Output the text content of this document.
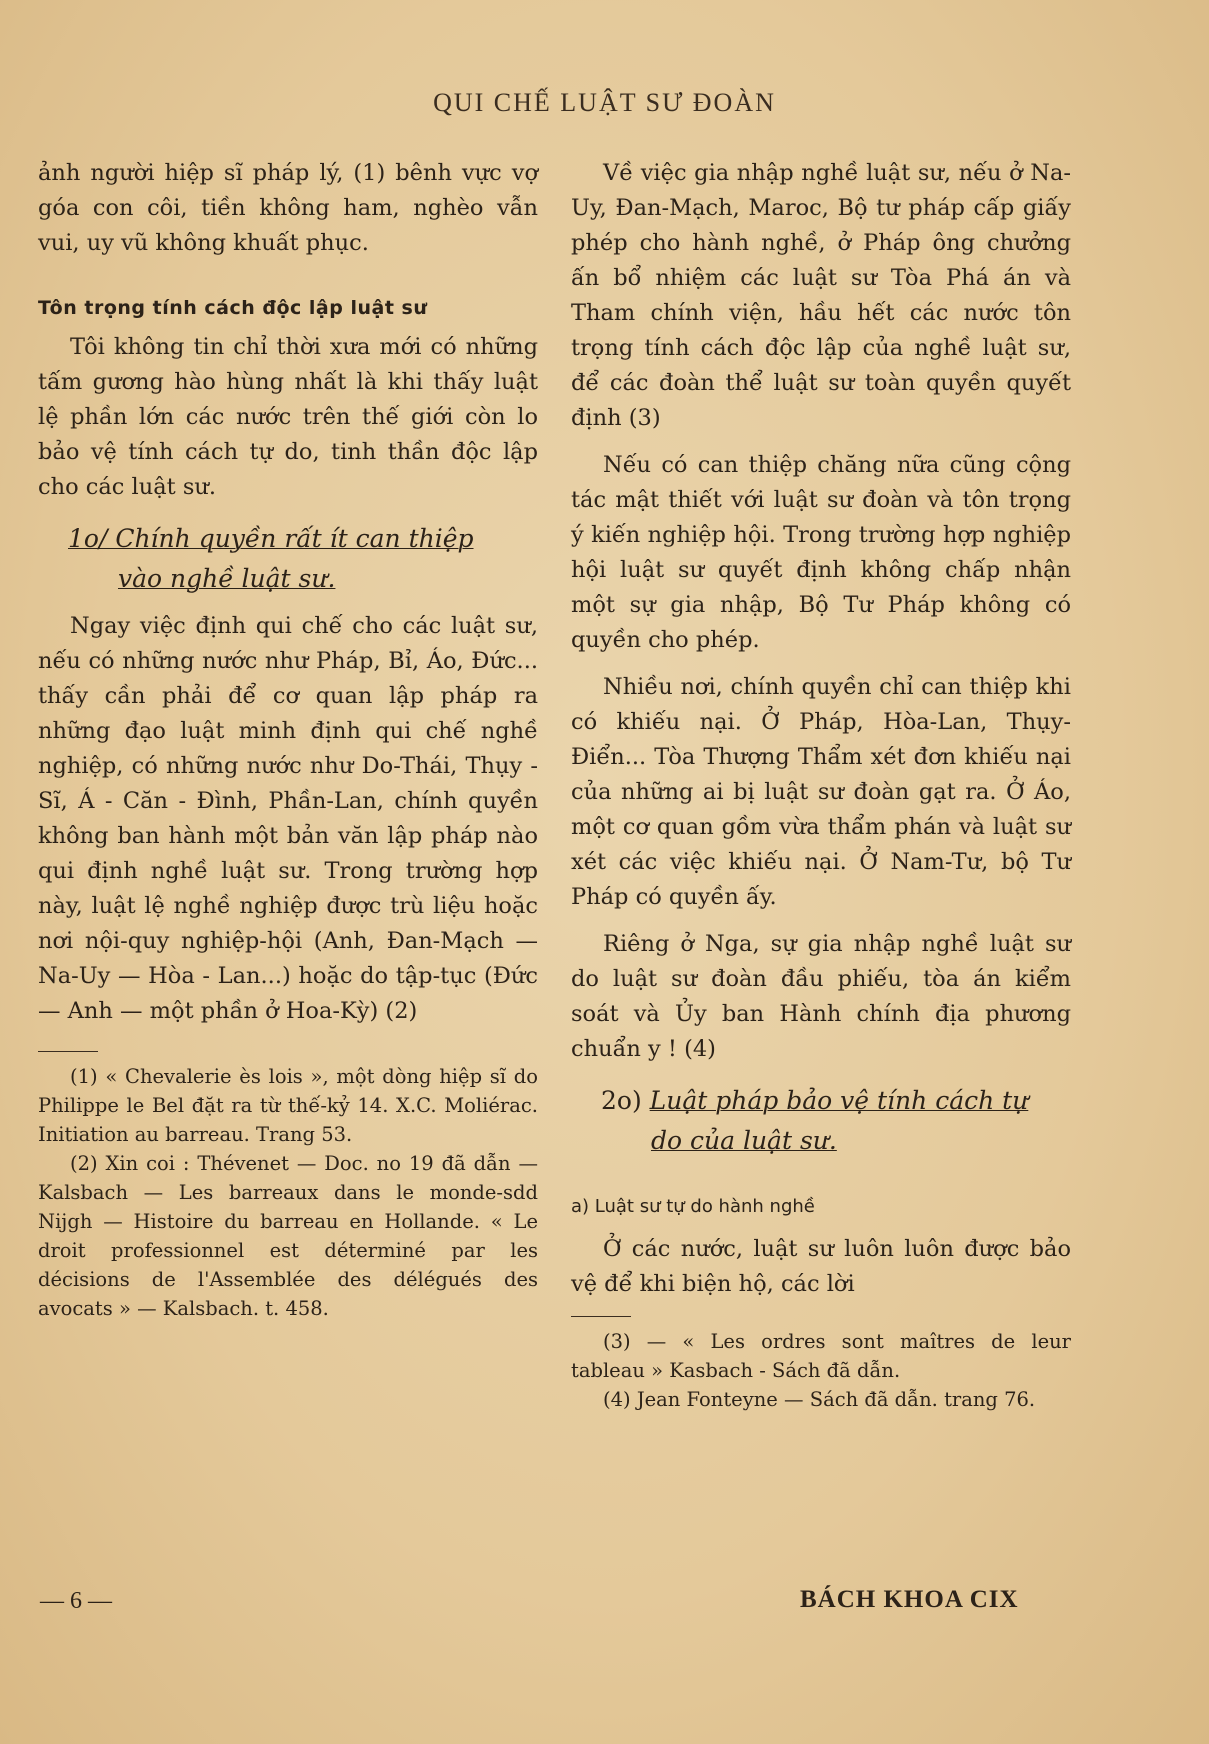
QUI CHẾ LUẬT SƯ ĐOÀN

ảnh người hiệp sĩ pháp lý, (1) bênh vực vợ góa con côi, tiền không ham, nghèo vẫn vui, uy vũ không khuất phục.

Tôn trọng tính cách độc lập luật sư

Tôi không tin chỉ thời xưa mới có những tấm gương hào hùng nhất là khi thấy luật lệ phần lớn các nước trên thế giới còn lo bảo vệ tính cách tự do, tinh thần độc lập cho các luật sư.

1o/ Chính quyền rất ít can thiệp
vào nghề luật sư.

Ngay việc định qui chế cho các luật sư, nếu có những nước như Pháp, Bỉ, Áo, Đức... thấy cần phải để cơ quan lập pháp ra những đạo luật minh định qui chế nghề nghiệp, có những nước như Do-Thái, Thụy - Sĩ, Á - Căn - Đình, Phần-Lan, chính quyền không ban hành một bản văn lập pháp nào qui định nghề luật sư. Trong trường hợp này, luật lệ nghề nghiệp được trù liệu hoặc nơi nội-quy nghiệp-hội (Anh, Đan-Mạch — Na-Uy — Hòa - Lan...) hoặc do tập-tục (Đức — Anh — một phần ở Hoa-Kỳ) (2)

(1) « Chevalerie ès lois », một dòng hiệp sĩ do Philippe le Bel đặt ra từ thế-kỷ 14. X.C. Moliérac. Initiation au barreau. Trang 53.

(2) Xin coi : Thévenet — Doc. no 19 đã dẫn — Kalsbach — Les barreaux dans le monde-sdd Nijgh — Histoire du barreau en Hollande. « Le droit professionnel est déterminé par les décisions de l'Assemblée des délégués des avocats » — Kalsbach. t. 458.

Về việc gia nhập nghề luật sư, nếu ở Na-Uy, Đan-Mạch, Maroc, Bộ tư pháp cấp giấy phép cho hành nghề, ở Pháp ông chưởng ấn bổ nhiệm các luật sư Tòa Phá án và Tham chính viện, hầu hết các nước tôn trọng tính cách độc lập của nghề luật sư, để các đoàn thể luật sư toàn quyền quyết định (3)

Nếu có can thiệp chăng nữa cũng cộng tác mật thiết với luật sư đoàn và tôn trọng ý kiến nghiệp hội. Trong trường hợp nghiệp hội luật sư quyết định không chấp nhận một sự gia nhập, Bộ Tư Pháp không có quyền cho phép.

Nhiều nơi, chính quyền chỉ can thiệp khi có khiếu nại. Ở Pháp, Hòa-Lan, Thụy-Điển... Tòa Thượng Thẩm xét đơn khiếu nại của những ai bị luật sư đoàn gạt ra. Ở Áo, một cơ quan gồm vừa thẩm phán và luật sư xét các việc khiếu nại. Ở Nam-Tư, bộ Tư Pháp có quyền ấy.

Riêng ở Nga, sự gia nhập nghề luật sư do luật sư đoàn đầu phiếu, tòa án kiểm soát và Ủy ban Hành chính địa phương chuẩn y ! (4)

2o) Luật pháp bảo vệ tính cách tự
do của luật sư.

a) Luật sư tự do hành nghề

Ở các nước, luật sư luôn luôn được bảo vệ để khi biện hộ, các lời

(3) — « Les ordres sont maîtres de leur tableau » Kasbach - Sách đã dẫn.

(4) Jean Fonteyne — Sách đã dẫn. trang 76.

— 6 —	BÁCH KHOA CIX
